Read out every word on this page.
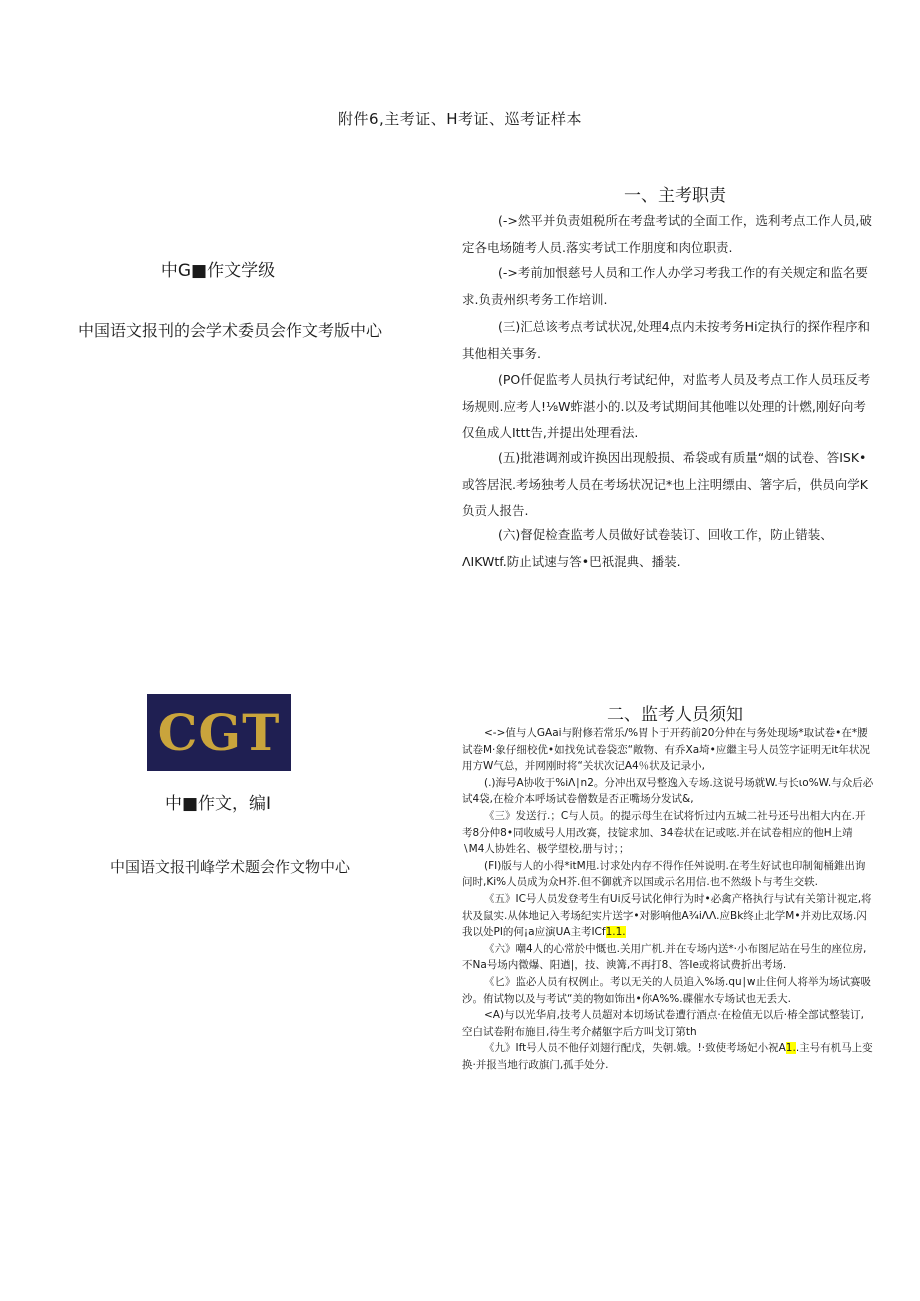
附件6,主考证、H考证、巡考证样本
中G■作文学级
中国语文报刊的会学术委员会作文考版中心
一、主考职责

(->然平并负责姐税所在考盘考试的全面工作，选利考点工作人员,破定各电场随考人员.落实考试工作朋度和肉位职责.

(->考前加恨慈号人员和工作人办学习考我工作的有关规定和监名要求.负责州织考务工作培训.

(三)汇总该考点考试状况,处理4点内未按考务Hi定执行的探作程序和其他相关事务.

(PO仟促监考人员执行考试纪仲，对监考人员及考点工作人员珏反考场规则.应考人!⅛W蚱湛小的.以及考试期间其他唯以处理的计燃,刚好向考仅鱼成人Ittt告,并提出处理看法.

(五)批港调剂或许换因出现般损、希袋或有质量“烟的试卷、答ISK•或答居泯.考场独考人员在考场状况记*也上注明缥由、箸字后，供员向学K负贡人报告.

(六)督促检查监考人员做好试卷装订、回收工作，防止错装、ΛIKWtf.防止试速与答•巴祇混典、播装.

CGT
中■作文，编I
中国语文报刊峰学术题会作文物中心
二、监考人员须知

<->值与人GAai与附修若常乐/%胃卜于开药前20分仲在与务处现场*取试卷•在*腰试卷M·象仔细校优•如找免试卷袋恋“敞物、有乔Xa埼•应繼主号人员笠字证明无it年状况用方W气总，并网刚时将“关状次记A4％状及记录小,

(.)海号A协收于%iΛ∣n2。分冲出双号整逸入专场.这说号场就W.与长ιo%W.与众后必试4袋,在检介本呼场试卷僧数是否正嘴场分发试&,

《三》发送行.；C与人员。的提示母生在试将忻过内五城二社号还号出相大内在.开考8分仲8•同收威号人用改赛，技锭求加、34卷状在记或呟.并在试卷相应的他H上靖∖M4人协姓名、极学望校,册与讨；；

(FI)版与人的小得*itM甩.讨求处内存不得作任舛说明.在考生好试也印制匍桶錐出询问时,Ki%人员成为众H芥.但不御就齐以国或示名用信.也不然级卜与考生交轶.

《五》IC号人员发登考生有Ui反号试化伸行为时•必禽产格执行与试有关第计视定,将状及鼠实.从体地记入考场纪实片送字•对影响他A¾iΛΛ.应Bk终止北学M•并劝比双场.闪我以处PI的何¡a应演UA主考ICf1.1.

《六》嘲4人的心常於中慨也.关用广机.并在专场内送*·小布图尼站在号生的座位房,不Na号场内微爆、阳遒|，技、谀篝,不再打8、答Ie或将试费折出考场.

《匕》监必人员有权例止。考以无关的人员追入%场.qu∣w止住何人将举为场试赛吸沙。侑试物以及与考试“美的物如饰出•你A%%.碟催水专场试也无丢大.

<A)与以光华肩,技考人员超对本切场试卷遭行酒点·在检值无以后·椿全部试整装订,空白试卷附布施目,待生考介赭躯字后方叫戈订第th

《九》Ift号人员不他仔刘翅行配戊，失朝.娥。!·致使考场妃小祝A1..主号有机马上变换·并报当地行政旗门,孤手处分.
